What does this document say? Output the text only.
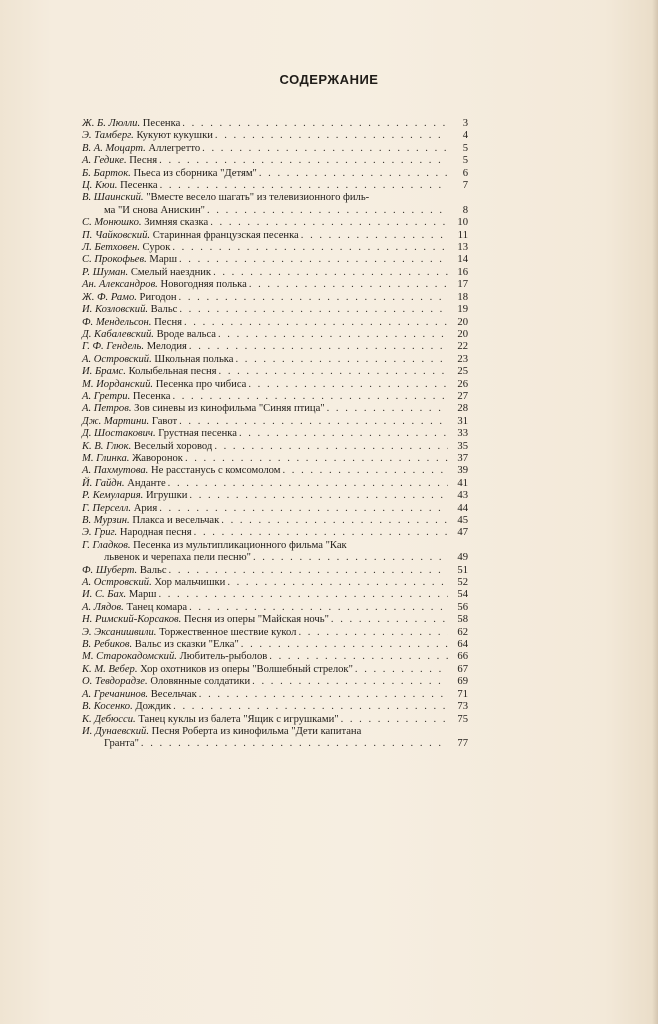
СОДЕРЖАНИЕ
Ж. Б. Люлли. Песенка . . .	3
Э. Тамберг. Кукуют кукушки . . .	4
В. А. Моцарт. Аллегретто . . .	5
А. Гедике. Песня . . .	5
Б. Барток. Пьеса из сборника "Детям" . . .	6
Ц. Кюи. Песенка . . .	7
В. Шаинский. "Вместе весело шагать" из телевизионного филь-
ма "И снова Анискин" . . .	8
С. Монюшко. Зимняя сказка . . .	10
П. Чайковский. Старинная французская песенка . . .	11
Л. Бетховен. Сурок . . .	13
С. Прокофьев. Марш . . .	14
Р. Шуман. Смелый наездник . . .	16
Ан. Александров. Новогодняя полька . . .	17
Ж. Ф. Рамо. Ригодон . . .	18
И. Козловский. Вальс . . .	19
Ф. Мендельсон. Песня . . .	20
Д. Кабалевский. Вроде вальса . . .	20
Г. Ф. Гендель. Мелодия . . .	22
А. Островский. Школьная полька . . .	23
И. Брамс. Колыбельная песня . . .	25
М. Иорданский. Песенка про чибиса . . .	26
А. Гретри. Песенка . . .	27
А. Петров. Зов синевы из кинофильма "Синяя птица" . . .	28
Дж. Мартини. Гавот . . .	31
Д. Шостакович. Грустная песенка . . .	33
К. В. Глюк. Веселый хоровод . . .	35
М. Глинка. Жаворонок . . .	37
А. Пахмутова. Не расстанусь с комсомолом . . .	39
Й. Гайдн. Анданте . . .	41
Р. Кемулария. Игрушки . . .	43
Г. Перселл. Ария . . .	44
В. Мурзин. Плакса и весельчак . . .	45
Э. Григ. Народная песня . . .	47
Г. Гладков. Песенка из мультипликационного фильма "Как
львенок и черепаха пели песню" . . .	49
Ф. Шуберт. Вальс . . .	51
А. Островский. Хор мальчишки . . .	52
И. С. Бах. Марш . . .	54
А. Лядов. Танец комара . . .	56
Н. Римский-Корсаков. Песня из оперы "Майская ночь" . . .	58
Э. Эксанишвили. Торжественное шествие кукол . . .	62
В. Ребиков. Вальс из сказки "Елка" . . .	64
М. Старокадомский. Любитель-рыболов . . .	66
К. М. Вебер. Хор охотников из оперы "Волшебный стрелок" . . .	67
О. Тевдорадзе. Оловянные солдатики . . .	69
А. Гречанинов. Весельчак . . .	71
В. Косенко. Дождик . . .	73
К. Дебюсси. Танец куклы из балета "Ящик с игрушками" . . .	75
И. Дунаевский. Песня Роберта из кинофильма "Дети капитана
Гранта" . . .	77
